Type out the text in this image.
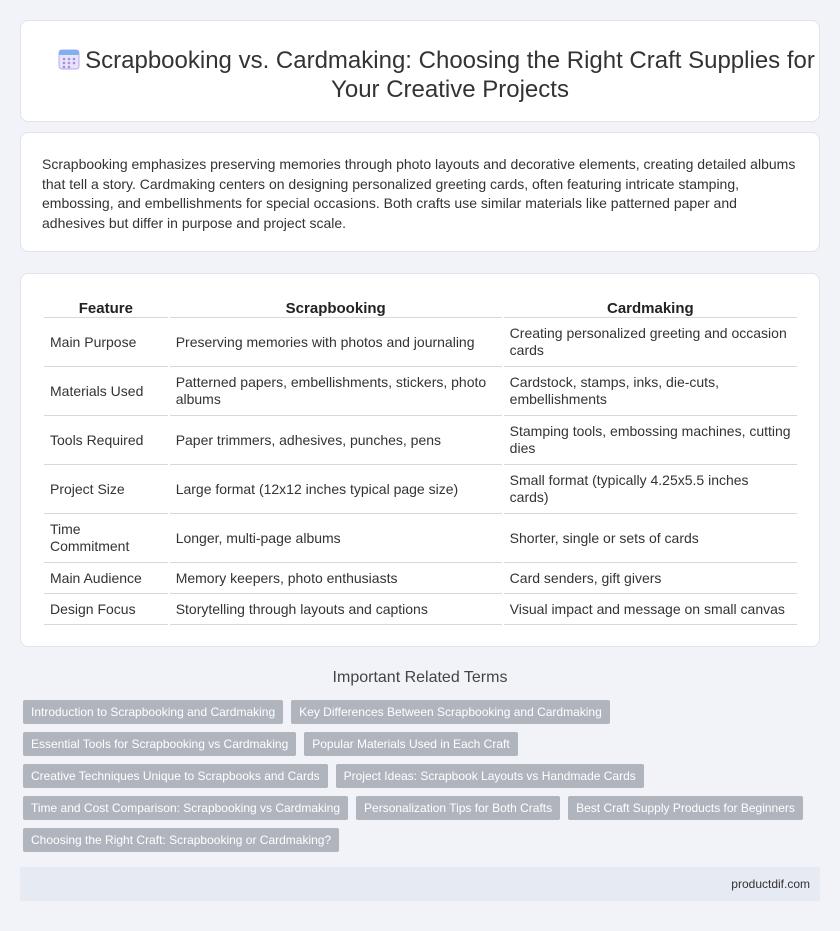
Scrapbooking vs. Cardmaking: Choosing the Right Craft Supplies for Your Creative Projects

Scrapbooking emphasizes preserving memories through photo layouts and decorative elements, creating detailed albums that tell a story. Cardmaking centers on designing personalized greeting cards, often featuring intricate stamping, embossing, and embellishments for special occasions. Both crafts use similar materials like patterned paper and adhesives but differ in purpose and project scale.

Feature	Scrapbooking	Cardmaking
Main Purpose	Preserving memories with photos and journaling	Creating personalized greeting and occasion cards
Materials Used	Patterned papers, embellishments, stickers, photo albums	Cardstock, stamps, inks, die-cuts, embellishments
Tools Required	Paper trimmers, adhesives, punches, pens	Stamping tools, embossing machines, cutting dies
Project Size	Large format (12x12 inches typical page size)	Small format (typically 4.25x5.5 inches cards)
Time Commitment	Longer, multi-page albums	Shorter, single or sets of cards
Main Audience	Memory keepers, photo enthusiasts	Card senders, gift givers
Design Focus	Storytelling through layouts and captions	Visual impact and message on small canvas
Important Related Terms
Introduction to Scrapbooking and Cardmaking	Key Differences Between Scrapbooking and Cardmaking
Essential Tools for Scrapbooking vs Cardmaking	Popular Materials Used in Each Craft
Creative Techniques Unique to Scrapbooks and Cards	Project Ideas: Scrapbook Layouts vs Handmade Cards
Time and Cost Comparison: Scrapbooking vs Cardmaking	Personalization Tips for Both Crafts	Best Craft Supply Products for Beginners
Choosing the Right Craft: Scrapbooking or Cardmaking?
productdif.com
